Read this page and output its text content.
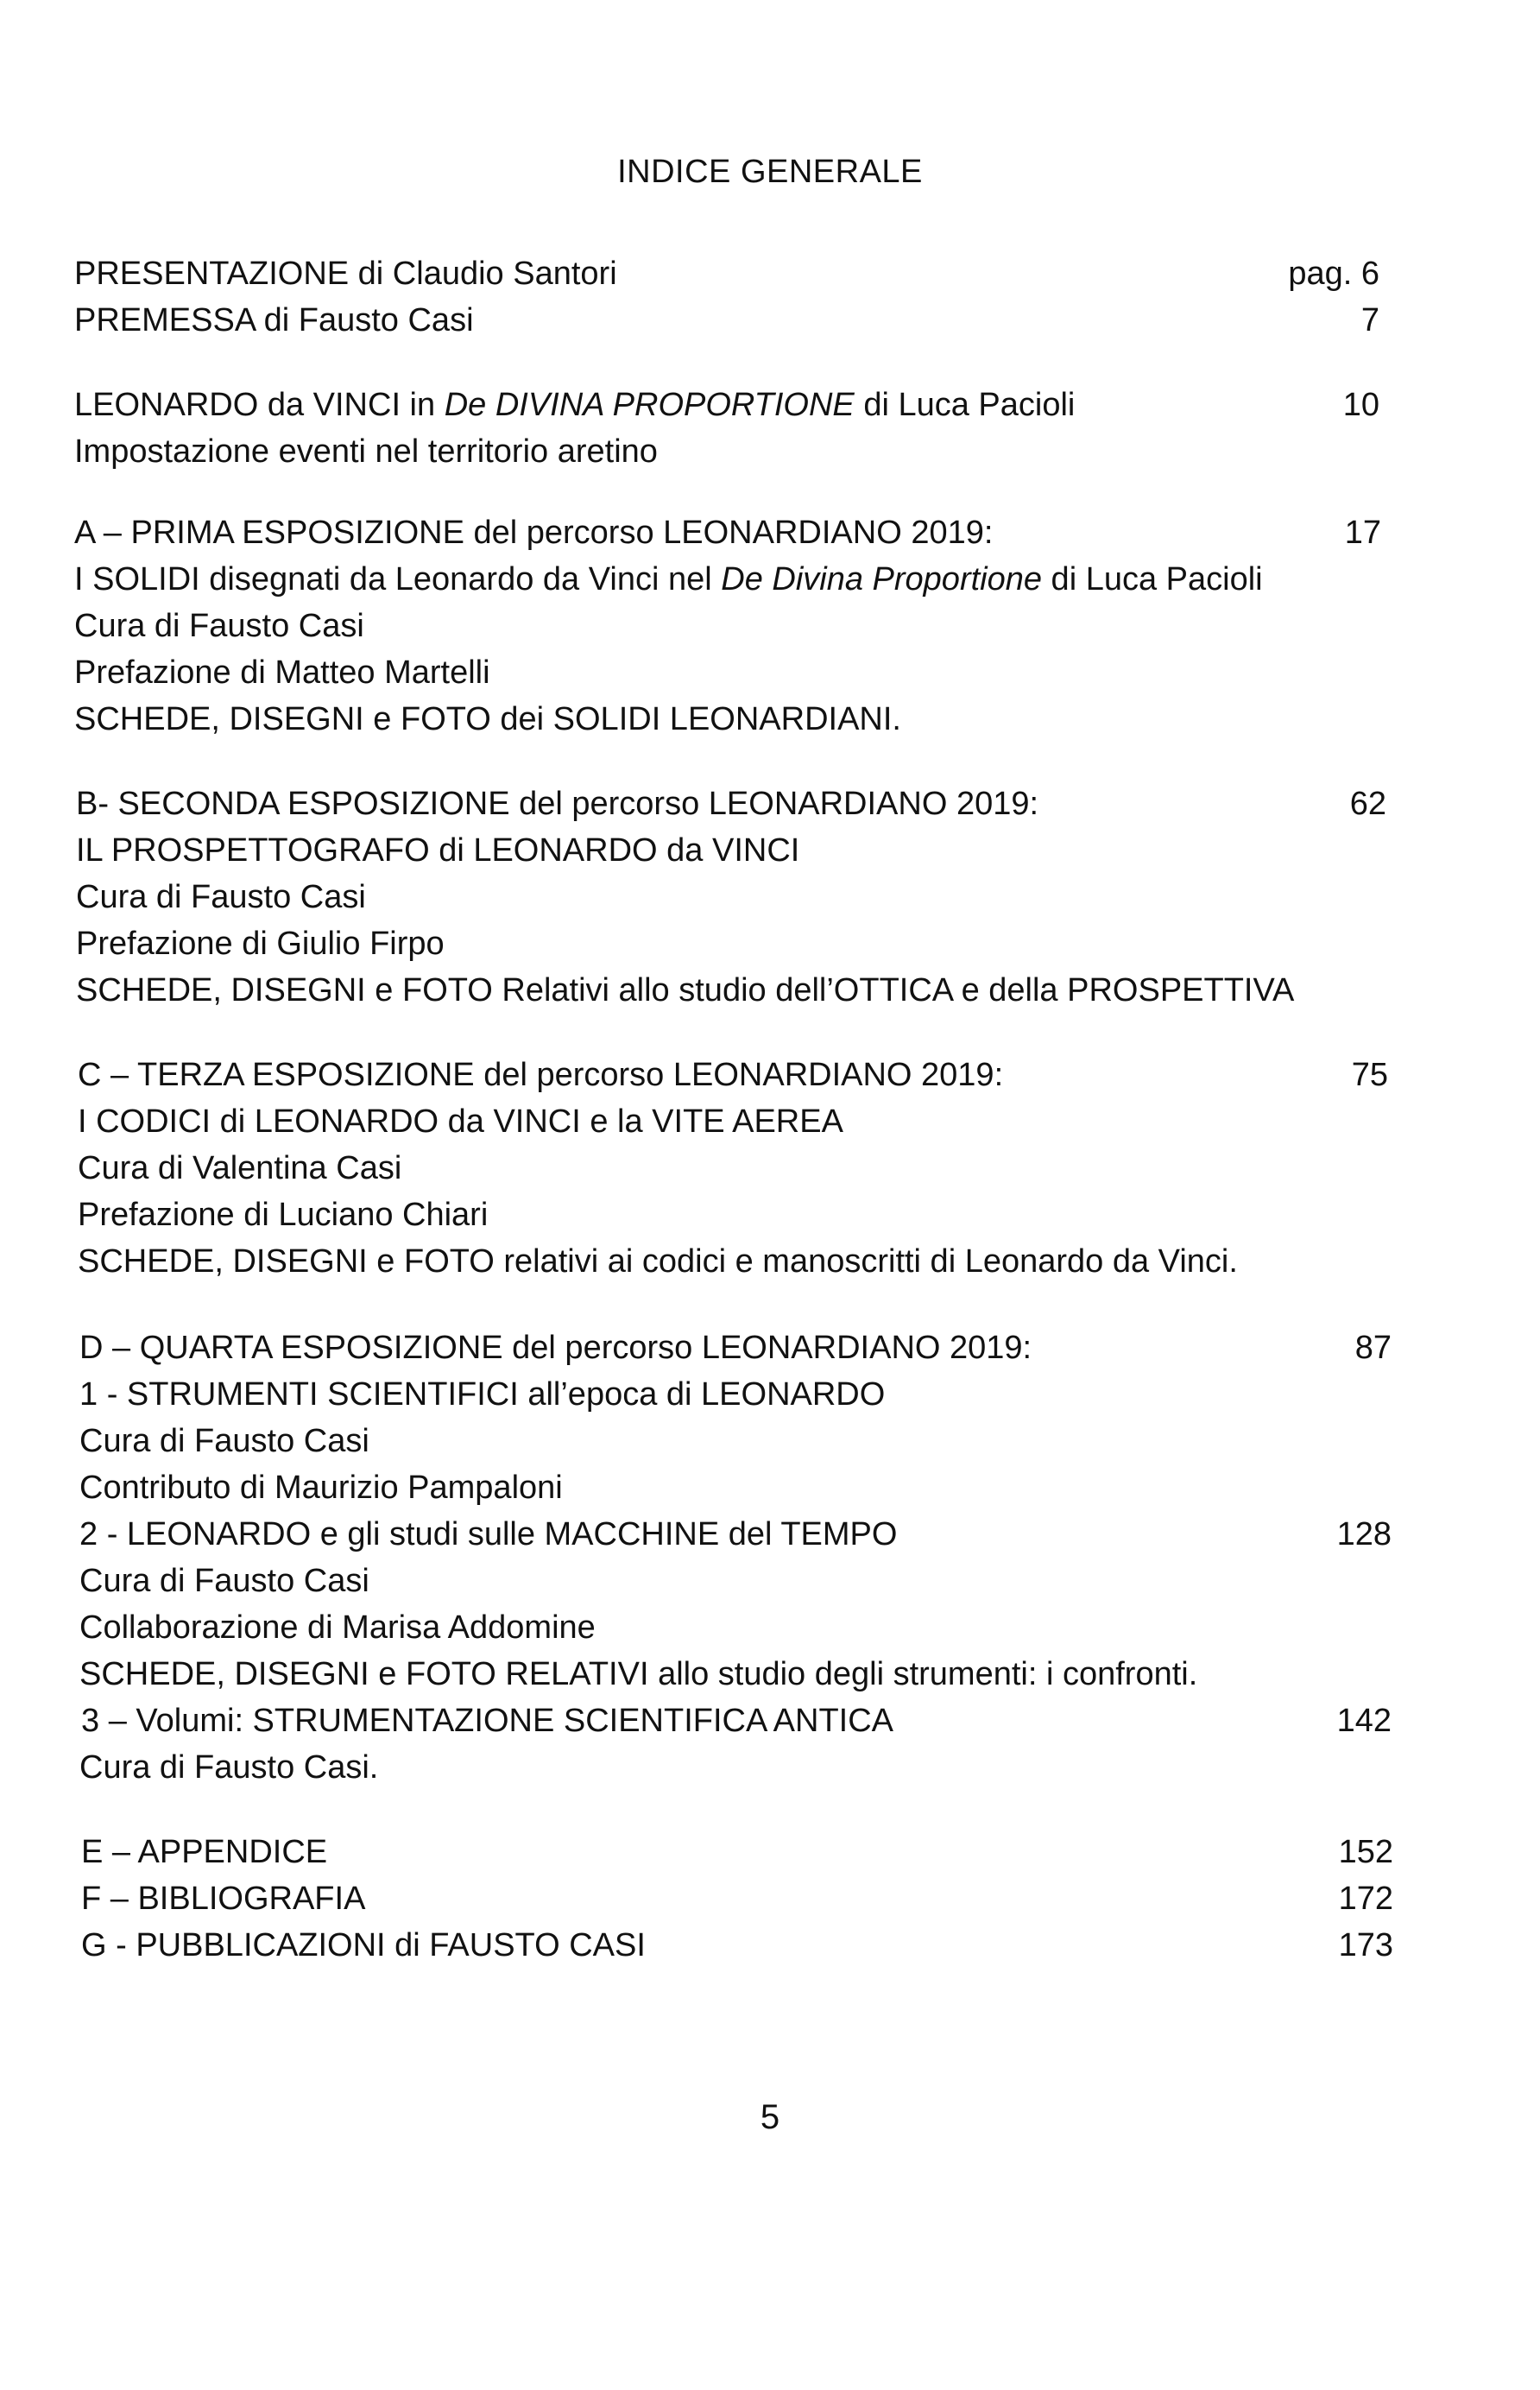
INDICE GENERALE
PRESENTAZIONE di Claudio Santori	pag. 6
PREMESSA di Fausto Casi	7
LEONARDO da VINCI in De DIVINA PROPORTIONE di Luca Pacioli	10
Impostazione eventi nel territorio aretino
A – PRIMA ESPOSIZIONE del percorso LEONARDIANO 2019:	17
I SOLIDI disegnati da Leonardo da Vinci nel De Divina Proportione di Luca Pacioli
Cura di Fausto Casi
Prefazione di Matteo Martelli
SCHEDE, DISEGNI e FOTO dei SOLIDI LEONARDIANI.
B- SECONDA ESPOSIZIONE del percorso LEONARDIANO 2019:	62
IL PROSPETTOGRAFO di LEONARDO da VINCI
Cura di Fausto Casi
Prefazione di Giulio Firpo
SCHEDE, DISEGNI e FOTO Relativi allo studio dell’OTTICA e della PROSPETTIVA
C – TERZA ESPOSIZIONE del percorso LEONARDIANO 2019:	75
I CODICI di LEONARDO da VINCI e la VITE AEREA
Cura di Valentina Casi
Prefazione di Luciano Chiari
SCHEDE, DISEGNI e FOTO relativi ai codici e manoscritti di Leonardo da Vinci.
D – QUARTA ESPOSIZIONE del percorso LEONARDIANO 2019:	87
1 - STRUMENTI SCIENTIFICI all’epoca di LEONARDO
Cura di Fausto Casi
Contributo di Maurizio Pampaloni
2 - LEONARDO e gli studi sulle MACCHINE del TEMPO	128
Cura di Fausto Casi
Collaborazione di Marisa Addomine
SCHEDE, DISEGNI e FOTO RELATIVI allo studio degli strumenti: i confronti.
3 – Volumi: STRUMENTAZIONE SCIENTIFICA ANTICA	142
Cura di Fausto Casi.
E – APPENDICE	152
F – BIBLIOGRAFIA	172
G - PUBBLICAZIONI di FAUSTO CASI	173
5
